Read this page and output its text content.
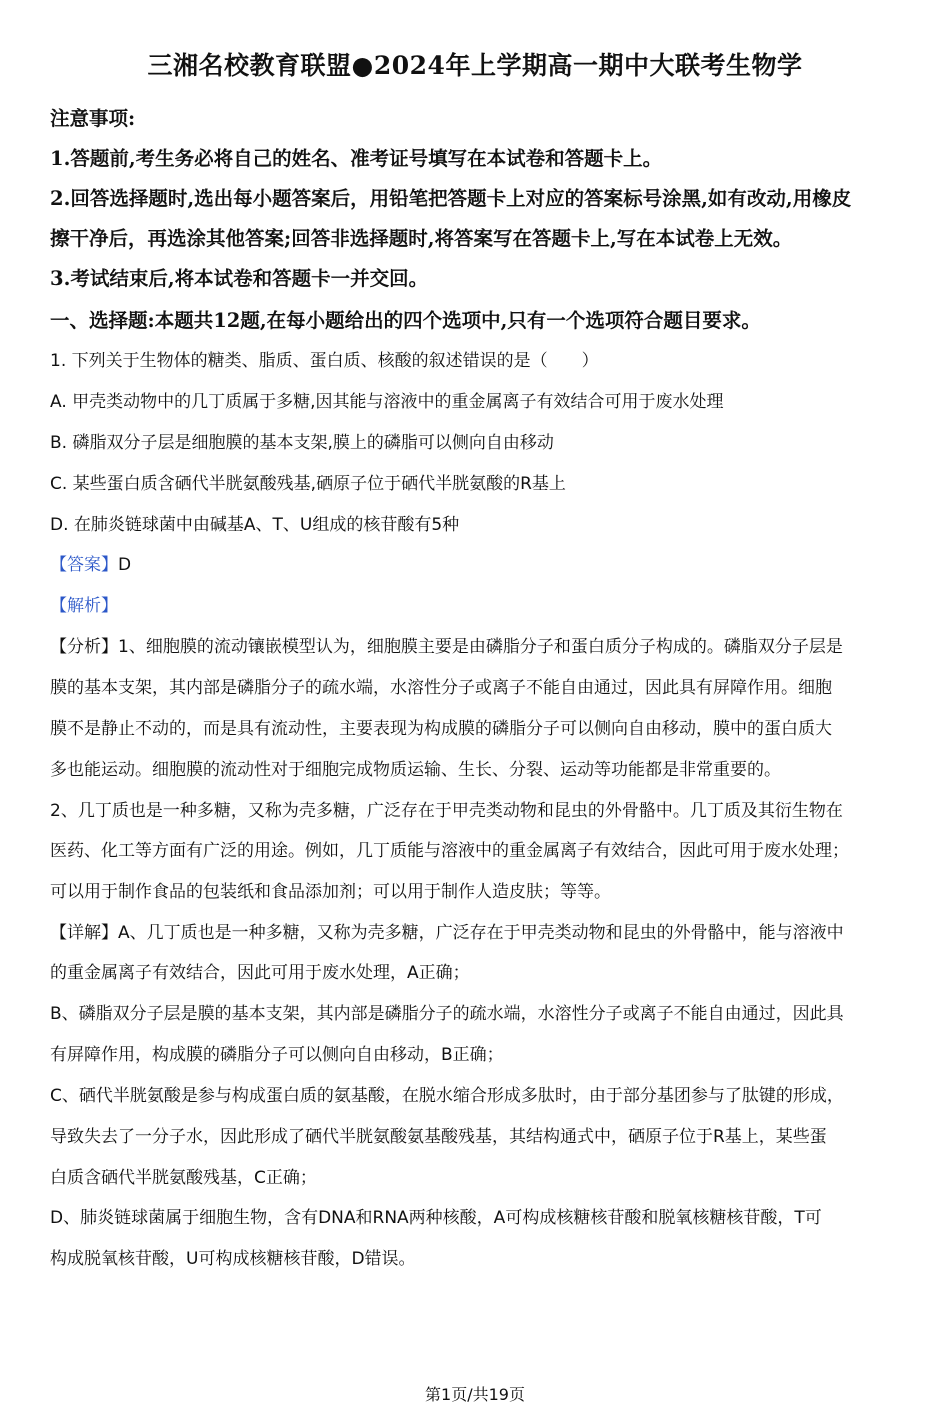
三湘名校教育联盟●2024年上学期高一期中大联考生物学
注意事项:
1.答题前,考生务必将自己的姓名、准考证号填写在本试卷和答题卡上。
2.回答选择题时,选出每小题答案后，用铅笔把答题卡上对应的答案标号涂黑,如有改动,用橡皮
擦干净后，再选涂其他答案;回答非选择题时,将答案写在答题卡上,写在本试卷上无效。
3.考试结束后,将本试卷和答题卡一并交回。
一、选择题:本题共12题,在每小题给出的四个选项中,只有一个选项符合题目要求。
1. 下列关于生物体的糖类、脂质、蛋白质、核酸的叙述错误的是（　　）
A. 甲壳类动物中的几丁质属于多糖,因其能与溶液中的重金属离子有效结合可用于废水处理
B. 磷脂双分子层是细胞膜的基本支架,膜上的磷脂可以侧向自由移动
C. 某些蛋白质含硒代半胱氨酸残基,硒原子位于硒代半胱氨酸的R基上
D. 在肺炎链球菌中由碱基A、T、U组成的核苷酸有5种
【答案】D
【解析】
【分析】1、细胞膜的流动镶嵌模型认为，细胞膜主要是由磷脂分子和蛋白质分子构成的。磷脂双分子层是
膜的基本支架，其内部是磷脂分子的疏水端，水溶性分子或离子不能自由通过，因此具有屏障作用。细胞
膜不是静止不动的，而是具有流动性，主要表现为构成膜的磷脂分子可以侧向自由移动，膜中的蛋白质大
多也能运动。细胞膜的流动性对于细胞完成物质运输、生长、分裂、运动等功能都是非常重要的。
2、几丁质也是一种多糖，又称为壳多糖，广泛存在于甲壳类动物和昆虫的外骨骼中。几丁质及其衍生物在
医药、化工等方面有广泛的用途。例如，几丁质能与溶液中的重金属离子有效结合，因此可用于废水处理；
可以用于制作食品的包装纸和食品添加剂；可以用于制作人造皮肤；等等。
【详解】A、几丁质也是一种多糖，又称为壳多糖，广泛存在于甲壳类动物和昆虫的外骨骼中，能与溶液中
的重金属离子有效结合，因此可用于废水处理，A正确；
B、磷脂双分子层是膜的基本支架，其内部是磷脂分子的疏水端，水溶性分子或离子不能自由通过，因此具
有屏障作用，构成膜的磷脂分子可以侧向自由移动，B正确；
C、硒代半胱氨酸是参与构成蛋白质的氨基酸，在脱水缩合形成多肽时，由于部分基团参与了肽键的形成，
导致失去了一分子水，因此形成了硒代半胱氨酸氨基酸残基，其结构通式中，硒原子位于R基上，某些蛋
白质含硒代半胱氨酸残基，C正确；
D、肺炎链球菌属于细胞生物，含有DNA和RNA两种核酸，A可构成核糖核苷酸和脱氧核糖核苷酸，T可
构成脱氧核苷酸，U可构成核糖核苷酸，D错误。
第1页/共19页
